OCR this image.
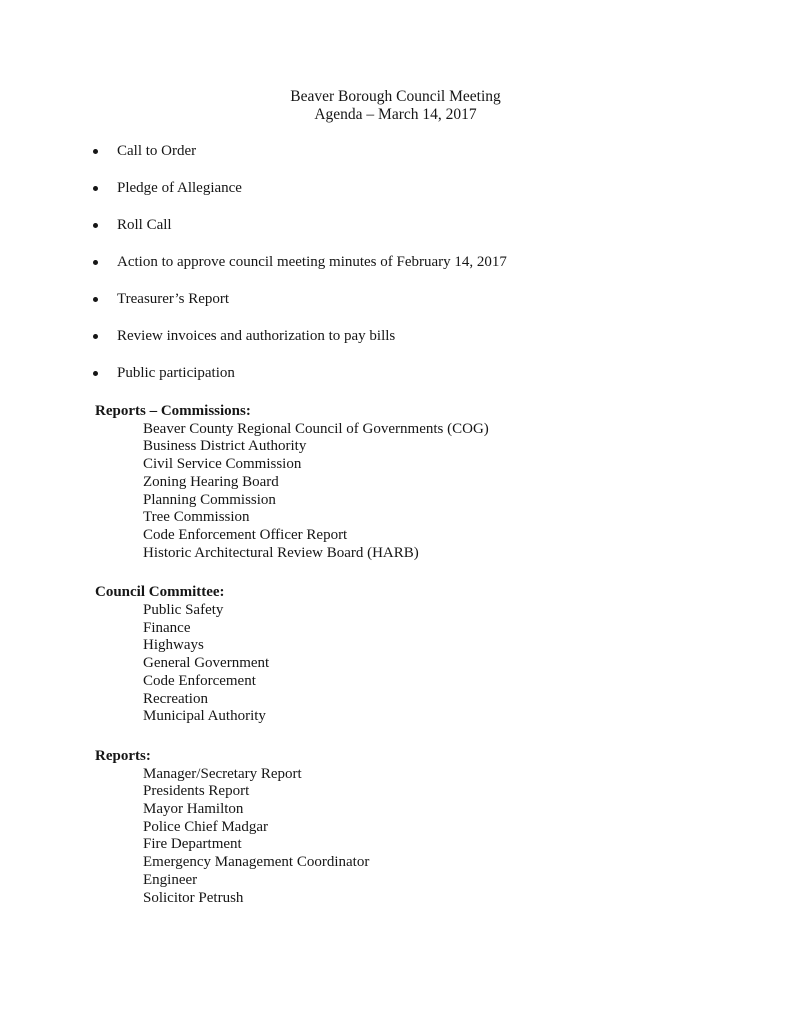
Beaver Borough Council Meeting
Agenda – March 14, 2017
Call to Order
Pledge of Allegiance
Roll Call
Action to approve council meeting minutes of February 14, 2017
Treasurer’s Report
Review invoices and authorization to pay bills
Public participation
Reports – Commissions:
Beaver County Regional Council of Governments (COG)
Business District Authority
Civil Service Commission
Zoning Hearing Board
Planning Commission
Tree Commission
Code Enforcement Officer Report
Historic Architectural Review Board (HARB)
Council Committee:
Public Safety
Finance
Highways
General Government
Code Enforcement
Recreation
Municipal Authority
Reports:
Manager/Secretary Report
Presidents Report
Mayor Hamilton
Police Chief Madgar
Fire Department
Emergency Management Coordinator
Engineer
Solicitor Petrush
